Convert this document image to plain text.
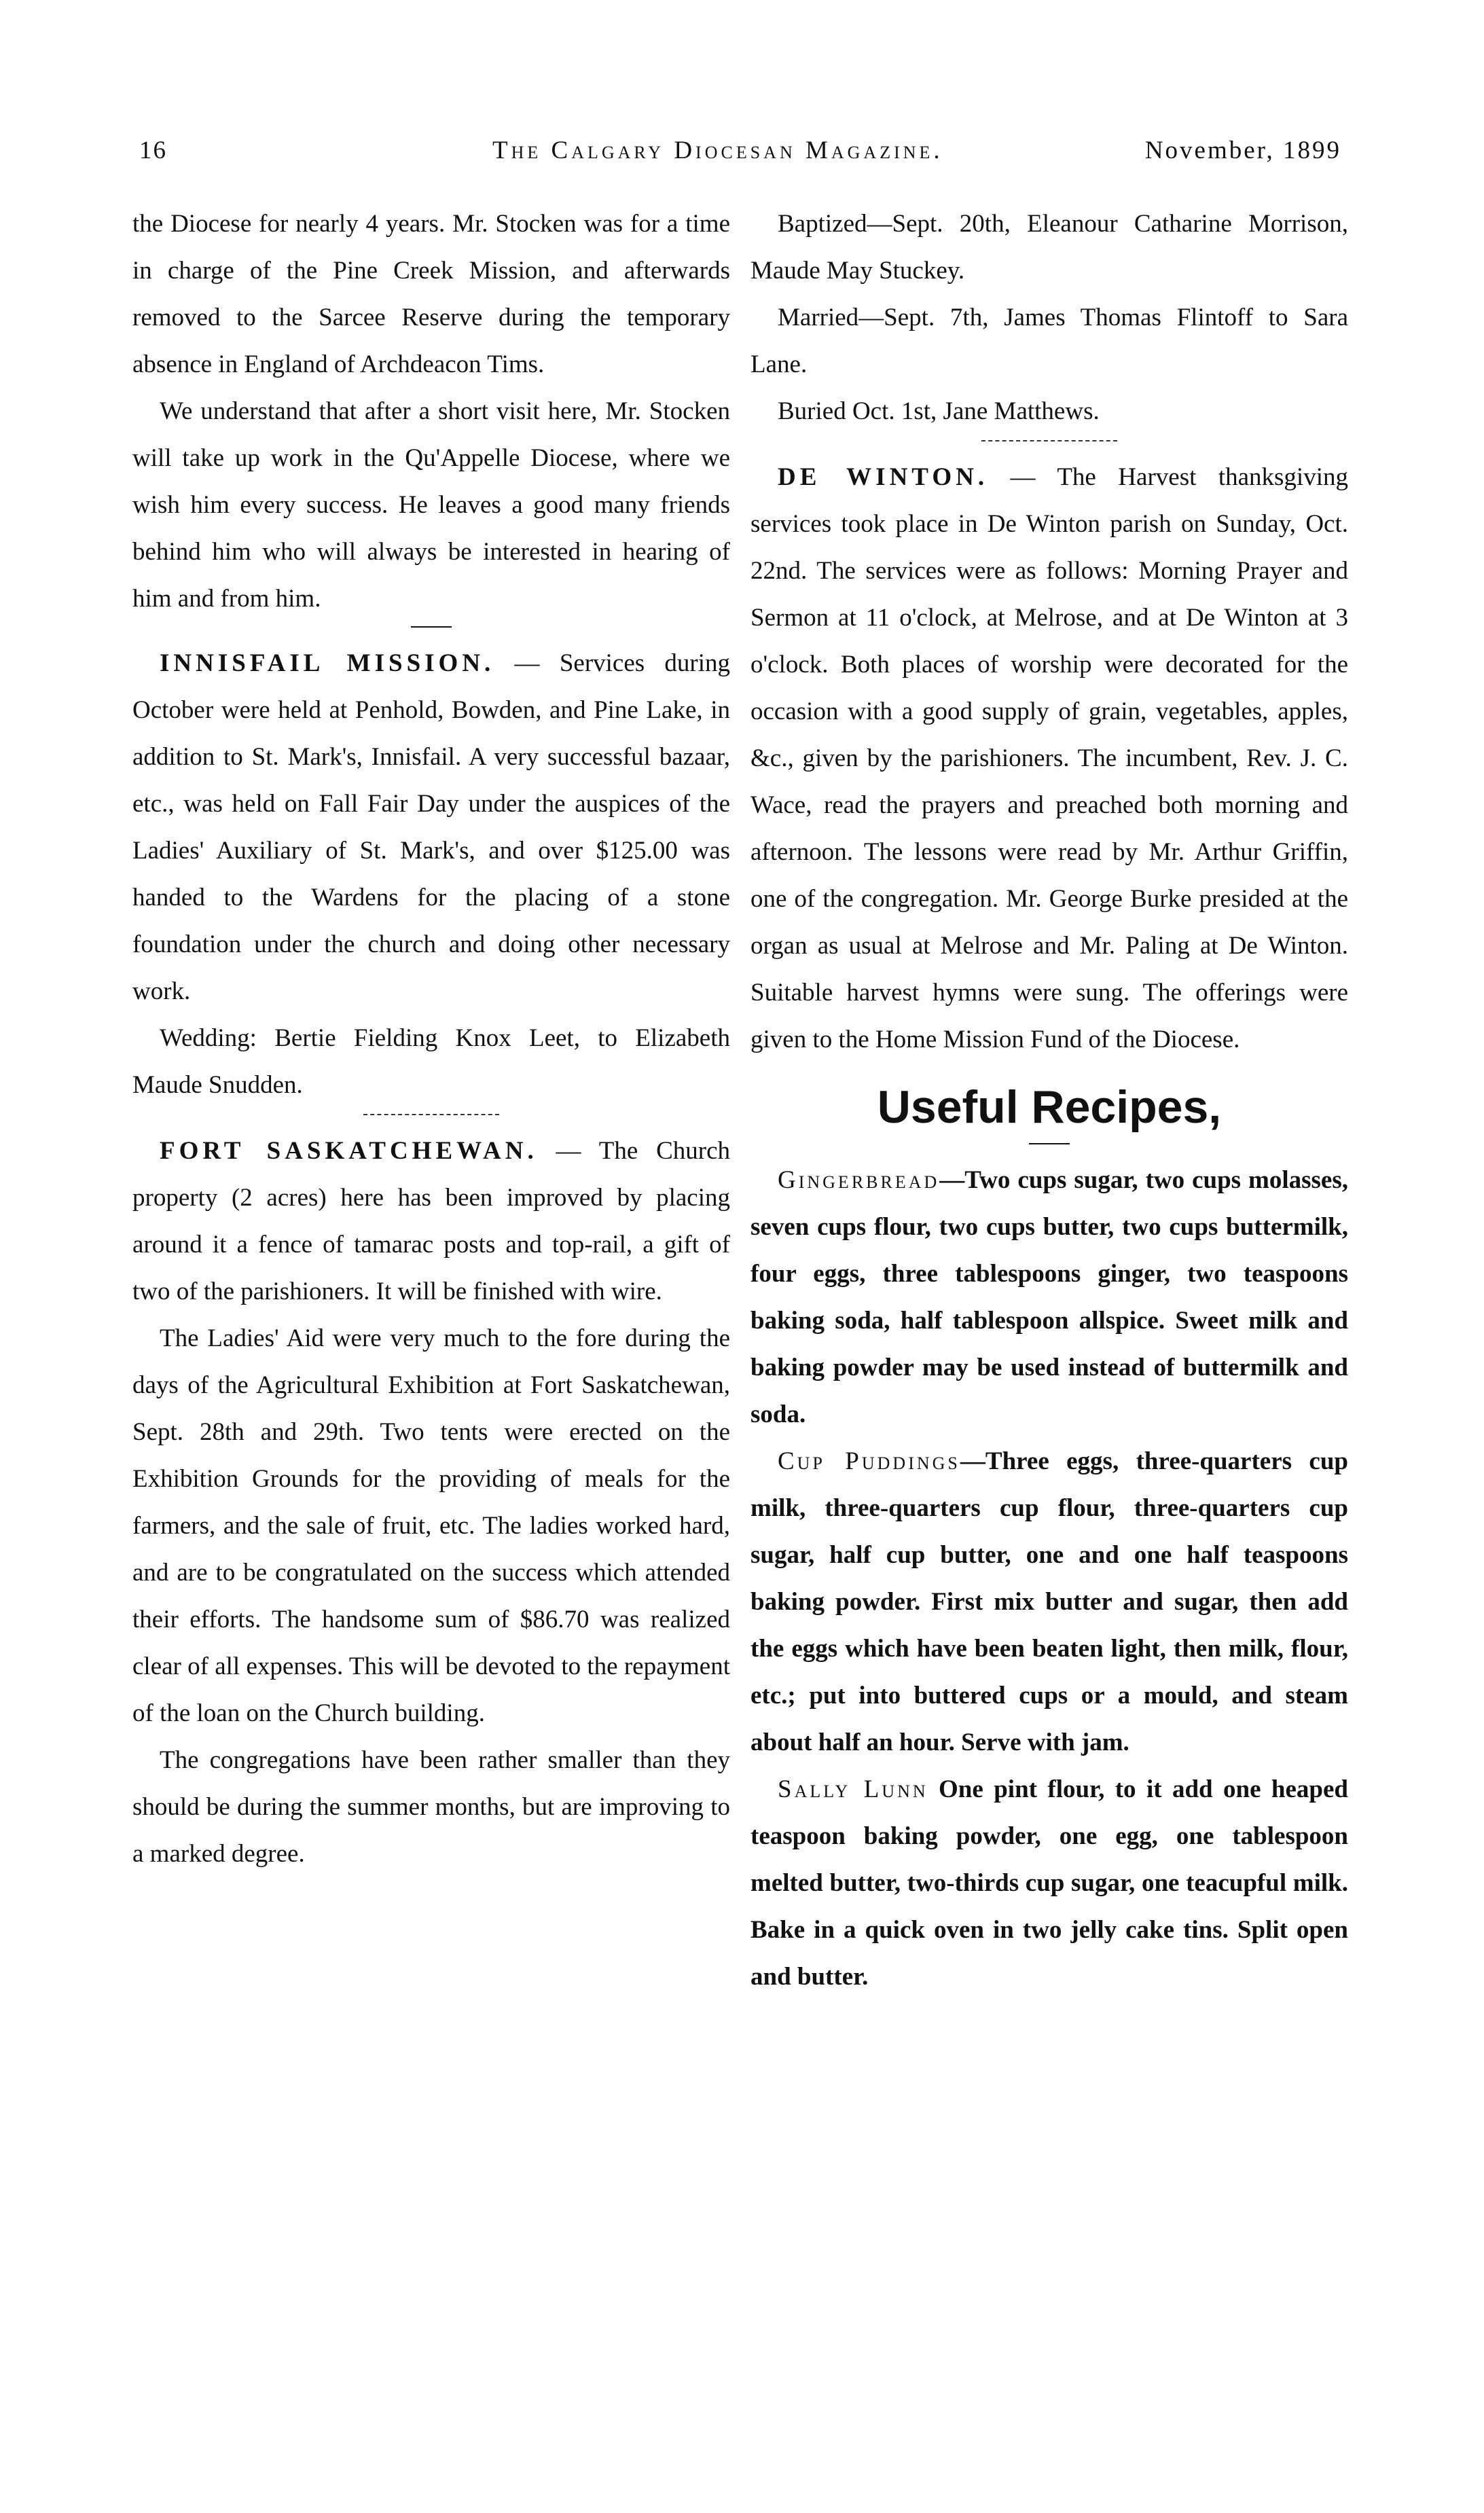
16	The Calgary Diocesan Magazine.	November, 1899

the Diocese for nearly 4 years. Mr. Stocken was for a time in charge of the Pine Creek Mission, and afterwards removed to the Sarcee Reserve during the temporary absence in England of Archdeacon Tims.

We understand that after a short visit here, Mr. Stocken will take up work in the Qu'Appelle Diocese, where we wish him every success. He leaves a good many friends behind him who will always be interested in hearing of him and from him.

INNISFAIL MISSION. — Services during October were held at Penhold, Bowden, and Pine Lake, in addition to St. Mark's, Innisfail. A very successful bazaar, etc., was held on Fall Fair Day under the auspices of the Ladies' Auxiliary of St. Mark's, and over $125.00 was handed to the Wardens for the placing of a stone foundation under the church and doing other necessary work.

Wedding: Bertie Fielding Knox Leet, to Elizabeth Maude Snudden.

FORT SASKATCHEWAN. — The Church property (2 acres) here has been improved by placing around it a fence of tamarac posts and top-rail, a gift of two of the parishioners. It will be finished with wire.

The Ladies' Aid were very much to the fore during the days of the Agricultural Exhibition at Fort Saskatchewan, Sept. 28th and 29th. Two tents were erected on the Exhibition Grounds for the providing of meals for the farmers, and the sale of fruit, etc. The ladies worked hard, and are to be congratulated on the success which attended their efforts. The handsome sum of $86.70 was realized clear of all expenses. This will be devoted to the repayment of the loan on the Church building.

The congregations have been rather smaller than they should be during the summer months, but are improving to a marked degree.

Baptized—Sept. 20th, Eleanour Catharine Morrison, Maude May Stuckey.

Married—Sept. 7th, James Thomas Flintoff to Sara Lane.

Buried Oct. 1st, Jane Matthews.

DE WINTON. — The Harvest thanksgiving services took place in De Winton parish on Sunday, Oct. 22nd. The services were as follows: Morning Prayer and Sermon at 11 o'clock, at Melrose, and at De Winton at 3 o'clock. Both places of worship were decorated for the occasion with a good supply of grain, vegetables, apples, &c., given by the parishioners. The incumbent, Rev. J. C. Wace, read the prayers and preached both morning and afternoon. The lessons were read by Mr. Arthur Griffin, one of the congregation. Mr. George Burke presided at the organ as usual at Melrose and Mr. Paling at De Winton. Suitable harvest hymns were sung. The offerings were given to the Home Mission Fund of the Diocese.

Useful Recipes,

Gingerbread—Two cups sugar, two cups molasses, seven cups flour, two cups butter, two cups buttermilk, four eggs, three tablespoons ginger, two teaspoons baking soda, half tablespoon allspice. Sweet milk and baking powder may be used instead of buttermilk and soda.

Cup Puddings—Three eggs, three-quarters cup milk, three-quarters cup flour, three-quarters cup sugar, half cup butter, one and one half teaspoons baking powder. First mix butter and sugar, then add the eggs which have been beaten light, then milk, flour, etc.; put into buttered cups or a mould, and steam about half an hour. Serve with jam.

Sally Lunn One pint flour, to it add one heaped teaspoon baking powder, one egg, one tablespoon melted butter, two-thirds cup sugar, one teacupful milk. Bake in a quick oven in two jelly cake tins. Split open and butter.
